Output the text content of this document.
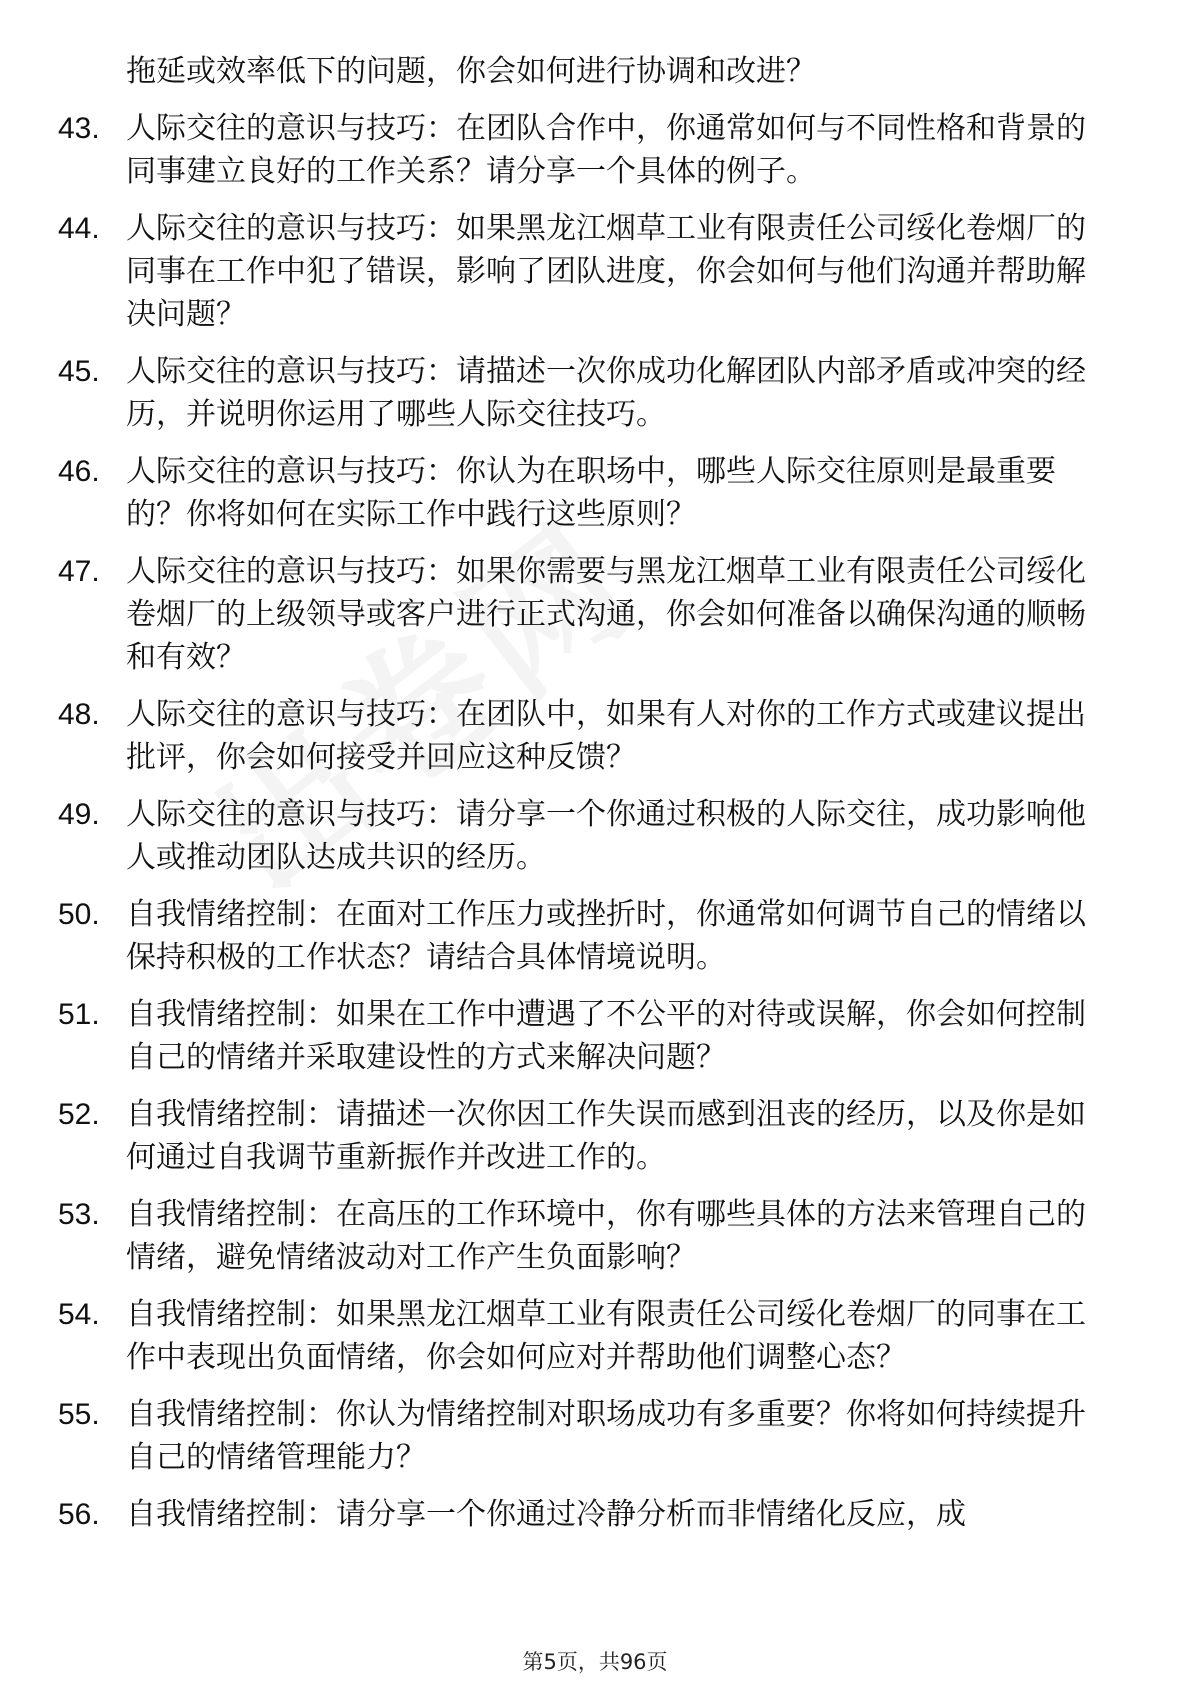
拖延或效率低下的问题，你会如何进行协调和改进？
43. 人际交往的意识与技巧：在团队合作中，你通常如何与不同性格和背景的同事建立良好的工作关系？请分享一个具体的例子。
44. 人际交往的意识与技巧：如果黑龙江烟草工业有限责任公司绥化卷烟厂的同事在工作中犯了错误，影响了团队进度，你会如何与他们沟通并帮助解决问题？
45. 人际交往的意识与技巧：请描述一次你成功化解团队内部矛盾或冲突的经历，并说明你运用了哪些人际交往技巧。
46. 人际交往的意识与技巧：你认为在职场中，哪些人际交往原则是最重要的？你将如何在实际工作中践行这些原则？
47. 人际交往的意识与技巧：如果你需要与黑龙江烟草工业有限责任公司绥化卷烟厂的上级领导或客户进行正式沟通，你会如何准备以确保沟通的顺畅和有效？
48. 人际交往的意识与技巧：在团队中，如果有人对你的工作方式或建议提出批评，你会如何接受并回应这种反馈？
49. 人际交往的意识与技巧：请分享一个你通过积极的人际交往，成功影响他人或推动团队达成共识的经历。
50. 自我情绪控制：在面对工作压力或挫折时，你通常如何调节自己的情绪以保持积极的工作状态？请结合具体情境说明。
51. 自我情绪控制：如果在工作中遭遇了不公平的对待或误解，你会如何控制自己的情绪并采取建设性的方式来解决问题？
52. 自我情绪控制：请描述一次你因工作失误而感到沮丧的经历，以及你是如何通过自我调节重新振作并改进工作的。
53. 自我情绪控制：在高压的工作环境中，你有哪些具体的方法来管理自己的情绪，避免情绪波动对工作产生负面影响？
54. 自我情绪控制：如果黑龙江烟草工业有限责任公司绥化卷烟厂的同事在工作中表现出负面情绪，你会如何应对并帮助他们调整心态？
55. 自我情绪控制：你认为情绪控制对职场成功有多重要？你将如何持续提升自己的情绪管理能力？
56. 自我情绪控制：请分享一个你通过冷静分析而非情绪化反应，成
第5页，共96页
